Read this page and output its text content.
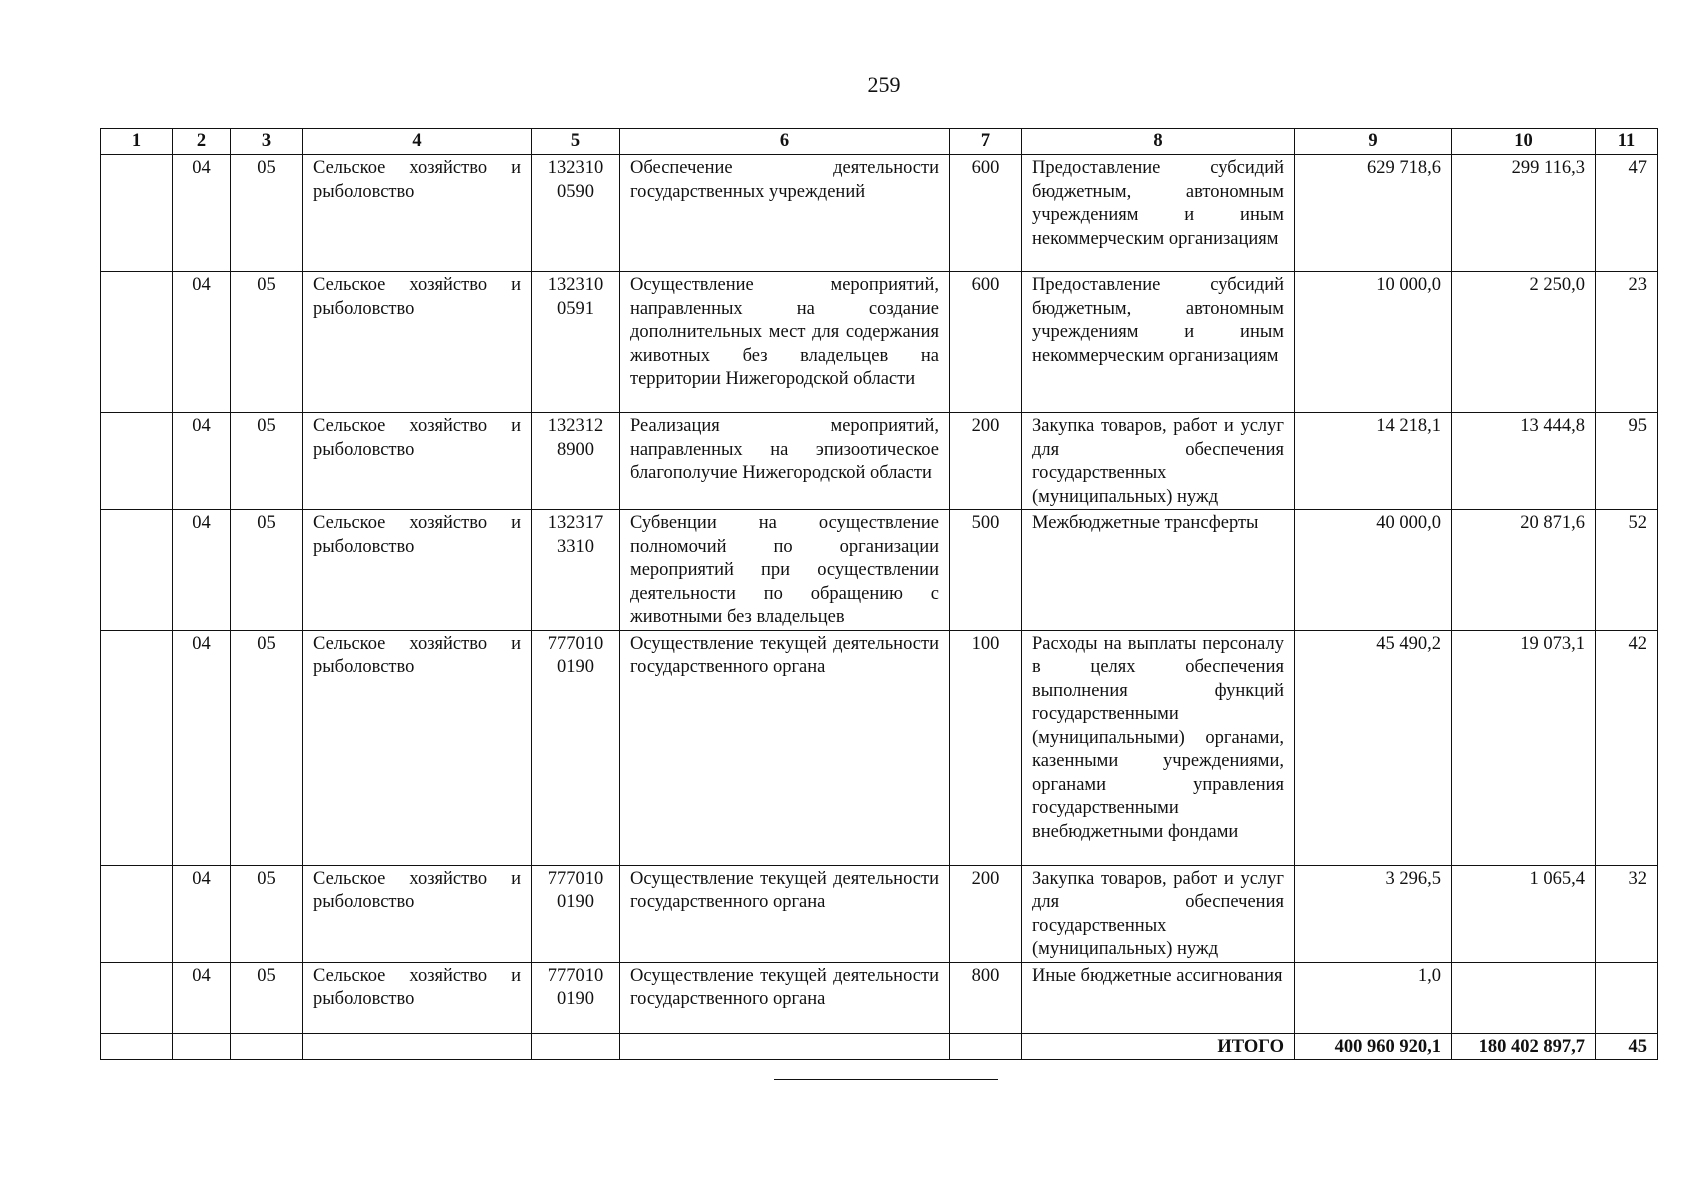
259
1	2	3	4	5	6	7	8	9	10	11
	04	05	Сельское хозяйство и рыболовство	132310 0590	Обеспечение деятельности государственных учреждений	600	Предоставление субсидий бюджетным, автономным учреждениям и иным некоммерческим организациям	629 718,6	299 116,3	47
	04	05	Сельское хозяйство и рыболовство	132310 0591	Осуществление мероприятий, направленных на создание дополнительных мест для содержания животных без владельцев на территории Нижегородской области	600	Предоставление субсидий бюджетным, автономным учреждениям и иным некоммерческим организациям	10 000,0	2 250,0	23
	04	05	Сельское хозяйство и рыболовство	132312 8900	Реализация мероприятий, направленных на эпизоотическое благополучие Нижегородской области	200	Закупка товаров, работ и услуг для обеспечения государственных (муниципальных) нужд	14 218,1	13 444,8	95
	04	05	Сельское хозяйство и рыболовство	132317 3310	Субвенции на осуществление полномочий по организации мероприятий при осуществлении деятельности по обращению с животными без владельцев	500	Межбюджетные трансферты	40 000,0	20 871,6	52
	04	05	Сельское хозяйство и рыболовство	777010 0190	Осуществление текущей деятельности государственного органа	100	Расходы на выплаты персоналу в целях обеспечения выполнения функций государственными (муниципальными) органами, казенными учреждениями, органами управления государственными внебюджетными фондами	45 490,2	19 073,1	42
	04	05	Сельское хозяйство и рыболовство	777010 0190	Осуществление текущей деятельности государственного органа	200	Закупка товаров, работ и услуг для обеспечения государственных (муниципальных) нужд	3 296,5	1 065,4	32
	04	05	Сельское хозяйство и рыболовство	777010 0190	Осуществление текущей деятельности государственного органа	800	Иные бюджетные ассигнования	1,0		
							ИТОГО	400 960 920,1	180 402 897,7	45
